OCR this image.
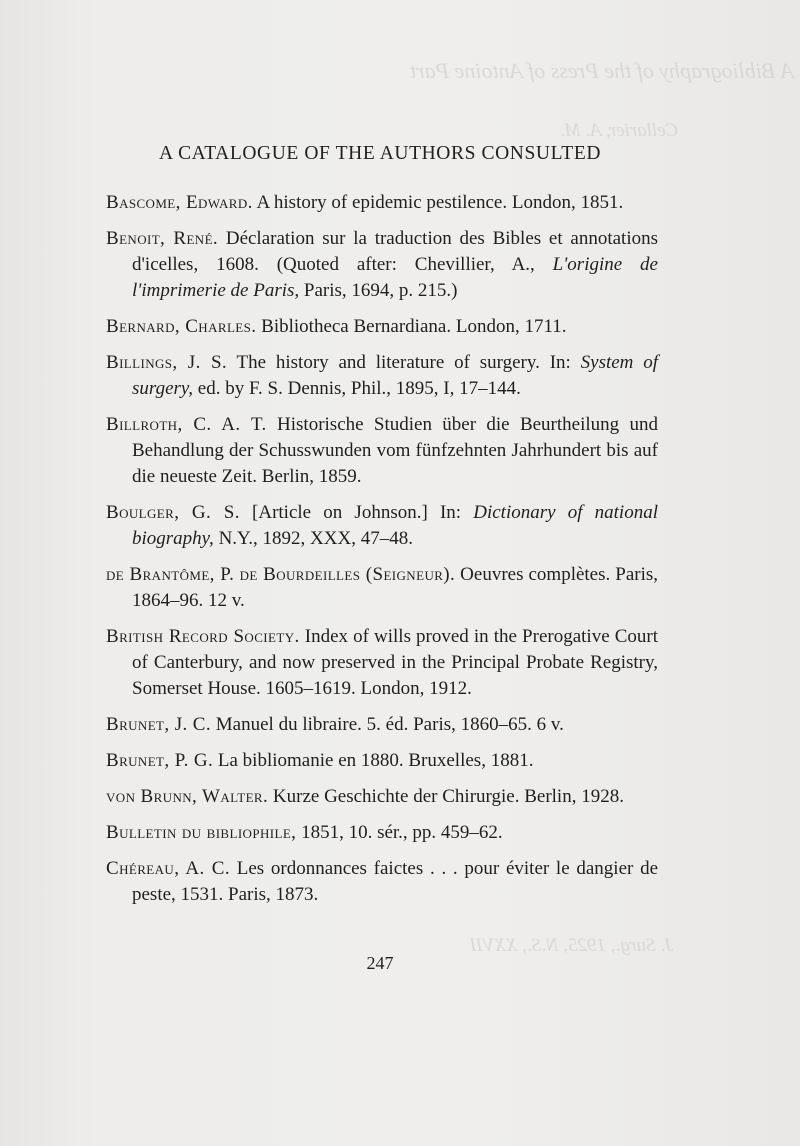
A Bibliography of the Press of Antoine Part
Cellarier, A. M.
J. Surg., 1925, N.S., XXVII
A CATALOGUE OF THE AUTHORS CONSULTED
Bascome, Edward. A history of epidemic pestilence. London, 1851.
Benoit, René. Déclaration sur la traduction des Bibles et annotations d'icelles, 1608. (Quoted after: Chevillier, A., L'origine de l'imprimerie de Paris, Paris, 1694, p. 215.)
Bernard, Charles. Bibliotheca Bernardiana. London, 1711.
Billings, J. S. The history and literature of surgery. In: System of surgery, ed. by F. S. Dennis, Phil., 1895, I, 17–144.
Billroth, C. A. T. Historische Studien über die Beurtheilung und Behandlung der Schusswunden vom fünfzehnten Jahrhundert bis auf die neueste Zeit. Berlin, 1859.
Boulger, G. S. [Article on Johnson.] In: Dictionary of national biography, N.Y., 1892, XXX, 47–48.
de Brantôme, P. de Bourdeilles (Seigneur). Oeuvres complètes. Paris, 1864–96. 12 v.
British Record Society. Index of wills proved in the Prerogative Court of Canterbury, and now preserved in the Principal Probate Registry, Somerset House. 1605–1619. London, 1912.
Brunet, J. C. Manuel du libraire. 5. éd. Paris, 1860–65. 6 v.
Brunet, P. G. La bibliomanie en 1880. Bruxelles, 1881.
von Brunn, Walter. Kurze Geschichte der Chirurgie. Berlin, 1928.
Bulletin du bibliophile, 1851, 10. sér., pp. 459–62.
Chéreau, A. C. Les ordonnances faictes . . . pour éviter le dangier de peste, 1531. Paris, 1873.
247
